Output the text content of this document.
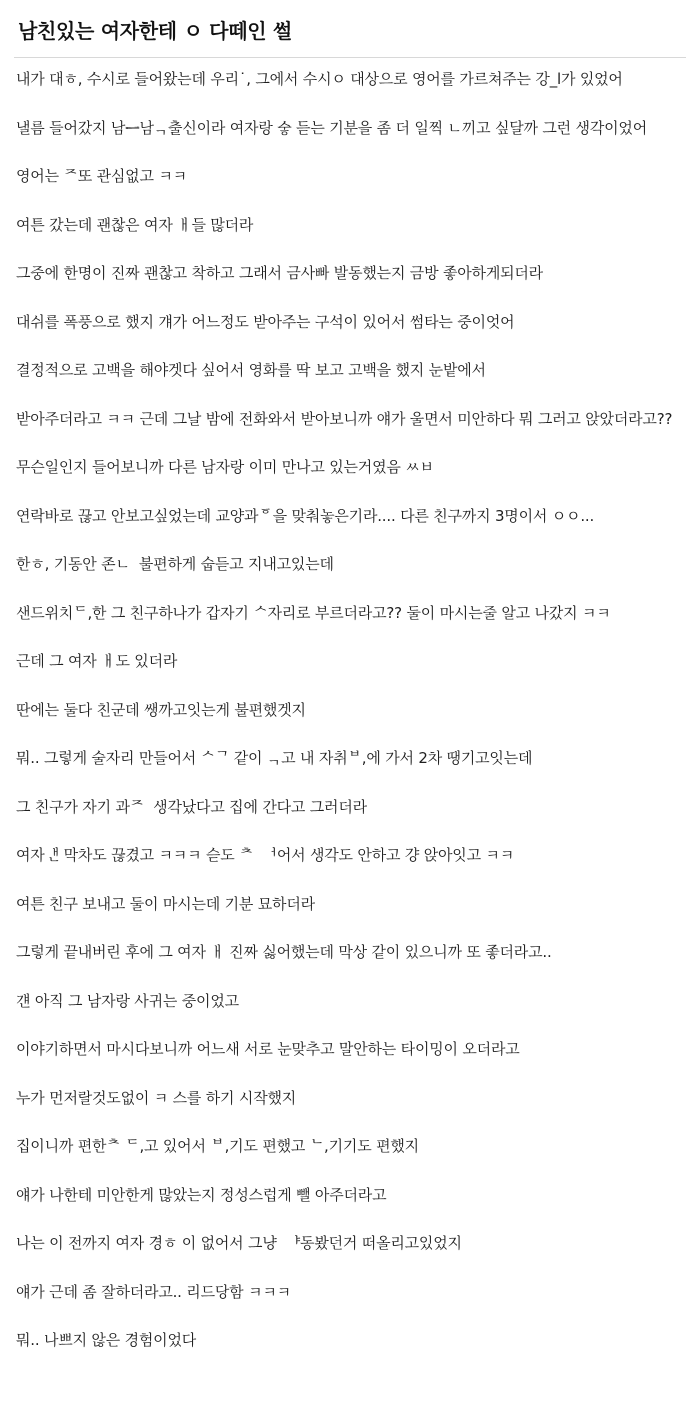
남친있는 여자한테 ㅇ 다떼인 썰

내가 대ㅎ, 수시로 들어왔는데 우리˙, 그에서 수시ㅇ 대상으로 영어를 가르쳐주는 강_l가 있었어

낼름 들어갔지 남ᆖ남ᆨ출신이라 여자랑 수ᇹ 듣는 기분을 좀 더 일찍 ㄴ끼고 싶달까 그런 생각이었어

영어는 ᄌ또 관심없고 ㅋㅋ

여튼 갔는데 괜찮은 여자 ㅐ들 많더라

그중에 한명이 진짜 괜찮고 착하고 그래서 금사빠 발동했는지 금방 좋아하게되더라

대쉬를 폭풍으로 했지 걔가 어느정도 받아주는 구석이 있어서 썸타는 중이엇어

결정적으로 고백을 해야겟다 싶어서 영화를 딱 보고 고백을 했지 눈밭에서

받아주더라고 ㅋㅋ 근데 그날 밤에 전화와서 받아보니까 얘가 울면서 미안하다 뭐 그러고 앉았더라고??

무슨일인지 들어보니까 다른 남자랑 이미 만나고 있는거였음 ㅆㅂ

연락바로 끊고 안보고싶었는데 교양과ᅙ을 맞춰놓은기라.... 다른 친구까지 3명이서 ㅇㅇ...

한ㅎ, 기동안 존ㄴ  불편하게 숩듣고 지내고있는데

샌드위치ᄃ,한 그 친구하나가 갑자기 ᄉ자리로 부르더라고?? 둘이 마시는줄 알고 나갔지 ㅋㅋ

근데 그 여자 ㅐ도 있더라

딴에는 둘다 친군데 쌩까고잇는게 불편했겟지

뭐.. 그렇게 술자리 만들어서 ᄉᄀ 같이 ᆨ고 내 자취ᄇ,에 가서 2차 땡기고잇는데

그 친구가 자기 과ᄌ  생각났다고 집에 간다고 그러더라

여자ᅟᅢᆫ 막차도 끊겼고 ㅋㅋㅋ 슫도 ᄎ  ᅥ어서 생각도 안하고 걍 앉아잇고 ㅋㅋ

여튼 친구 보내고 둘이 마시는데 기분 묘하더라

그렇게 끝내버린 후에 그 여자 ㅐ 진짜 싫어했는데 막상 같이 있으니까 또 좋더라고..

걘 아직 그 남자랑 사귀는 중이었고

이야기하면서 마시다보니까 어느새 서로 눈맞추고 말안하는 타이밍이 오더라고

누가 먼저랄것도없이 ㅋ 스를 하기 시작했지

집이니까 편한ᄎ ᄃ,고 있어서 ᄇ,기도 편했고 ᄂ,기기도 편했지

얘가 나한테 미안한게 많았는지 정성스럽게 뺄 아주더라고

나는 이 전까지 여자 경ㅎ 이 없어서 그냥  ᅣ동봤던거 떠올리고있었지

얘가 근데 좀 잘하더라고.. 리드당함 ㅋㅋㅋ

뭐.. 나쁘지 않은 경험이었다
